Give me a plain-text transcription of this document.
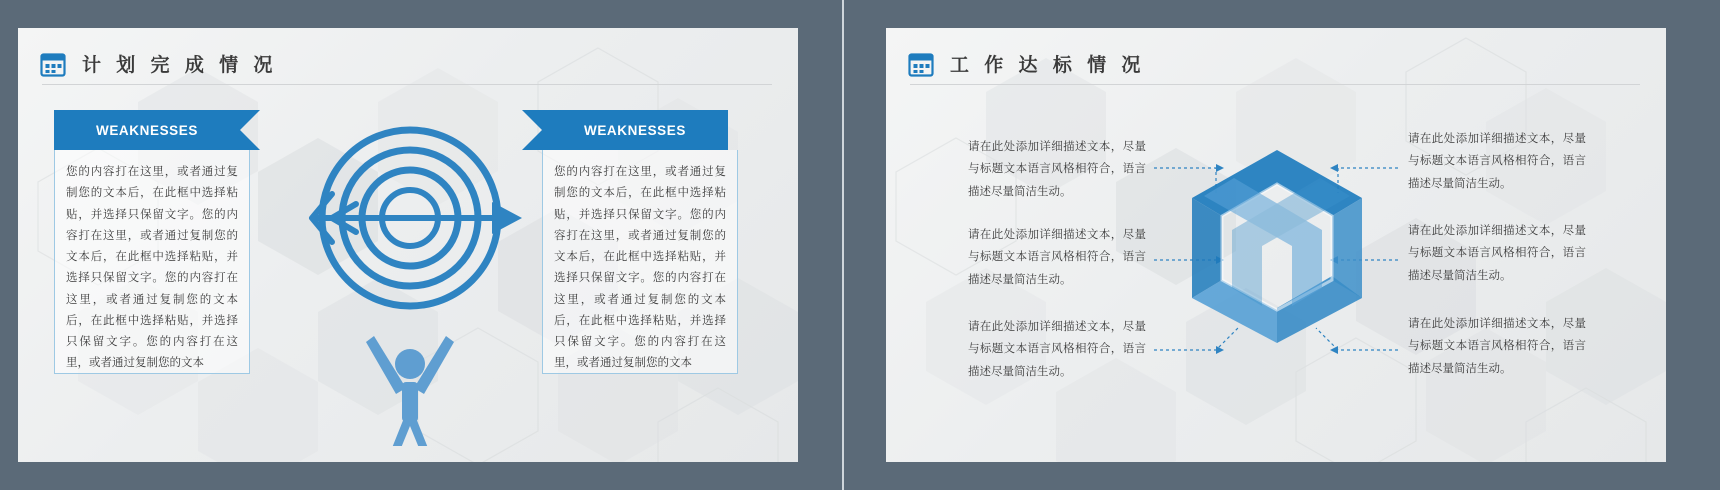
计 划 完 成 情 况
WEAKNESSES
您的内容打在这里，或者通过复制您的文本后，在此框中选择粘贴，并选择只保留文字。您的内容打在这里，或者通过复制您的文本后，在此框中选择粘贴，并选择只保留文字。您的内容打在这里，或者通过复制您的文本后，在此框中选择粘贴，并选择只保留文字。您的内容打在这里，或者通过复制您的文本
WEAKNESSES
您的内容打在这里，或者通过复制您的文本后，在此框中选择粘贴，并选择只保留文字。您的内容打在这里，或者通过复制您的文本后，在此框中选择粘贴，并选择只保留文字。您的内容打在这里，或者通过复制您的文本后，在此框中选择粘贴，并选择只保留文字。您的内容打在这里，或者通过复制您的文本
工 作 达 标 情 况
请在此处添加详细描述文本，尽量与标题文本语言风格相符合，语言描述尽量简洁生动。
请在此处添加详细描述文本，尽量与标题文本语言风格相符合，语言描述尽量简洁生动。
请在此处添加详细描述文本，尽量与标题文本语言风格相符合，语言描述尽量简洁生动。
请在此处添加详细描述文本，尽量与标题文本语言风格相符合，语言描述尽量简洁生动。
请在此处添加详细描述文本，尽量与标题文本语言风格相符合，语言描述尽量简洁生动。
请在此处添加详细描述文本，尽量与标题文本语言风格相符合，语言描述尽量简洁生动。
